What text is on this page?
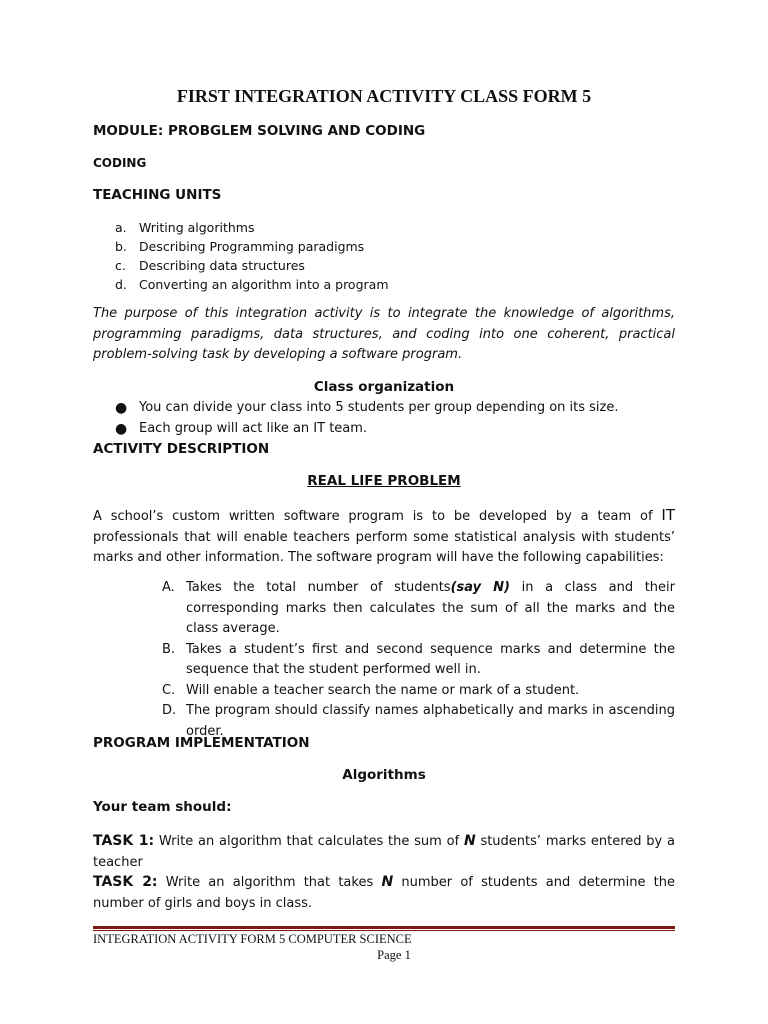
FIRST INTEGRATION ACTIVITY CLASS FORM 5
MODULE: PROBGLEM SOLVING AND CODING
CODING
TEACHING UNITS
a. Writing algorithms
b. Describing Programming paradigms
c. Describing data structures
d. Converting an algorithm into a program
The purpose of this integration activity is to integrate the knowledge of algorithms, programming paradigms, data structures, and coding into one coherent, practical problem-solving task by developing a software program.
Class organization
● You can divide your class into 5 students per group depending on its size.
● Each group will act like an IT team.
ACTIVITY DESCRIPTION
REAL LIFE PROBLEM
A school’s custom written software program is to be developed by a team of IT professionals that will enable teachers perform some statistical analysis with students’ marks and other information. The software program will have the following capabilities:
A. Takes the total number of students(say N) in a class and their corresponding marks then calculates the sum of all the marks and the class average.
B. Takes a student’s first and second sequence marks and determine the sequence that the student performed well in.
C. Will enable a teacher search the name or mark of a student.
D. The program should classify names alphabetically and marks in ascending order.
PROGRAM IMPLEMENTATION
Algorithms
Your team should:
TASK 1: Write an algorithm that calculates the sum of N students’ marks entered by a teacher
TASK 2: Write an algorithm that takes N number of students and determine the number of girls and boys in class.
INTEGRATION ACTIVITY FORM 5 COMPUTER SCIENCE
Page 1
